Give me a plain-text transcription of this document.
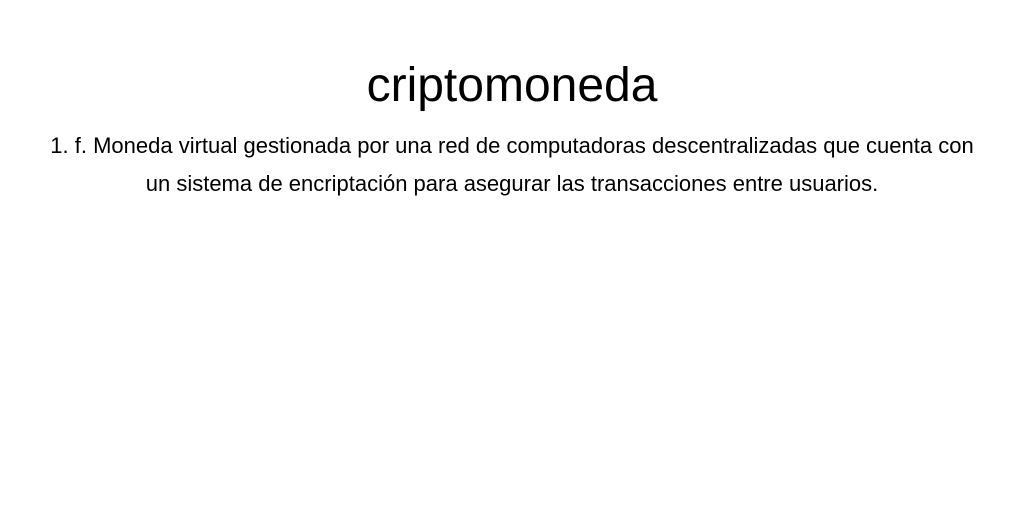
criptomoneda

1. f. Moneda virtual gestionada por una red de computadoras descentralizadas que cuenta con un sistema de encriptación para asegurar las transacciones entre usuarios.
